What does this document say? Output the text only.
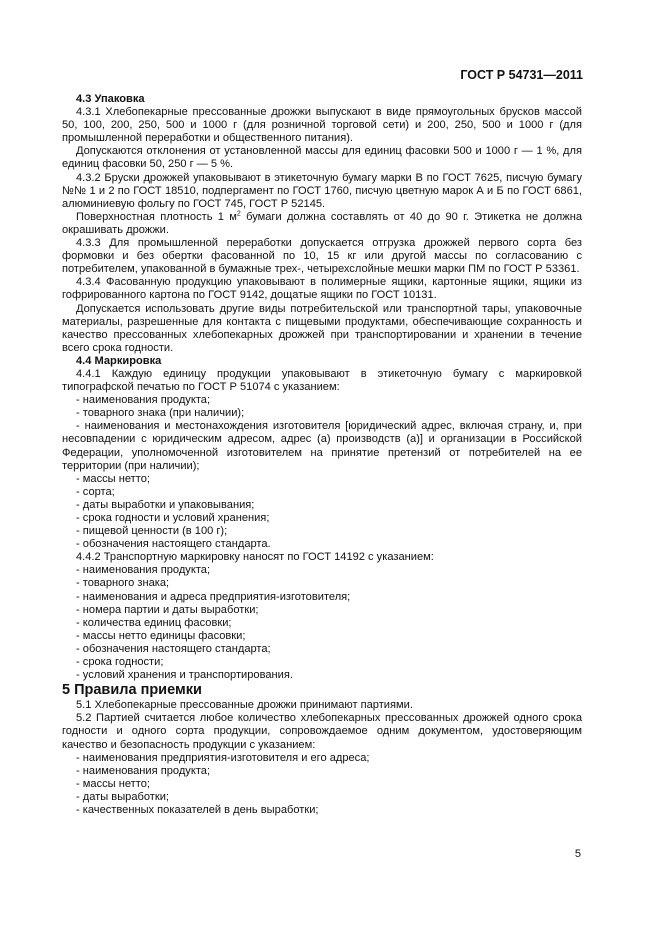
ГОСТ Р 54731—2011

4.3 Упаковка

4.3.1 Хлебопекарные прессованные дрожжи выпускают в виде прямоугольных брусков массой 50, 100, 200, 250, 500 и 1000 г (для розничной торговой сети) и 200, 250, 500 и 1000 г (для промышленной переработки и общественного питания).

Допускаются отклонения от установленной массы для единиц фасовки 500 и 1000 г — 1 %, для единиц фасовки 50, 250 г — 5 %.

4.3.2 Бруски дрожжей упаковывают в этикеточную бумагу марки В по ГОСТ 7625, писчую бумагу №№ 1 и 2 по ГОСТ 18510, подпергамент по ГОСТ 1760, писчую цветную марок А и Б по ГОСТ 6861, алюминиевую фольгу по ГОСТ 745, ГОСТ Р 52145.

Поверхностная плотность 1 $м^2$ бумаги должна составлять от 40 до 90 г. Этикетка не должна окрашивать дрожжи.

4.3.3 Для промышленной переработки допускается отгрузка дрожжей первого сорта без формовки и без обертки фасованной по 10, 15 кг или другой массы по согласованию с потребителем, упакованной в бумажные трех-, четырехслойные мешки марки ПМ по ГОСТ Р 53361.

4.3.4 Фасованную продукцию упаковывают в полимерные ящики, картонные ящики, ящики из гофрированного картона по ГОСТ 9142, дощатые ящики по ГОСТ 10131.

Допускается использовать другие виды потребительской или транспортной тары, упаковочные материалы, разрешенные для контакта с пищевыми продуктами, обеспечивающие сохранность и качество прессованных хлебопекарных дрожжей при транспортировании и хранении в течение всего срока годности.

4.4 Маркировка

4.4.1 Каждую единицу продукции упаковывают в этикеточную бумагу с маркировкой типографской печатью по ГОСТ Р 51074 с указанием:

- наименования продукта;

- товарного знака (при наличии);

- наименования и местонахождения изготовителя [юридический адрес, включая страну, и, при несовпадении с юридическим адресом, адрес (а) производств (а)] и организации в Российской Федерации, уполномоченной изготовителем на принятие претензий от потребителей на ее территории (при наличии);

- массы нетто;

- сорта;

- даты выработки и упаковывания;

- срока годности и условий хранения;

- пищевой ценности (в 100 г);

- обозначения настоящего стандарта.

4.4.2 Транспортную маркировку наносят по ГОСТ 14192 с указанием:

- наименования продукта;

- товарного знака;

- наименования и адреса предприятия-изготовителя;

- номера партии и даты выработки;

- количества единиц фасовки;

- массы нетто единицы фасовки;

- обозначения настоящего стандарта;

- срока годности;

- условий хранения и транспортирования.

5 Правила приемки

5.1 Хлебопекарные прессованные дрожжи принимают партиями.

5.2 Партией считается любое количество хлебопекарных прессованных дрожжей одного срока годности и одного сорта продукции, сопровождаемое одним документом, удостоверяющим качество и безопасность продукции с указанием:

- наименования предприятия-изготовителя и его адреса;

- наименования продукта;

- массы нетто;

- даты выработки;

- качественных показателей в день выработки;

5
